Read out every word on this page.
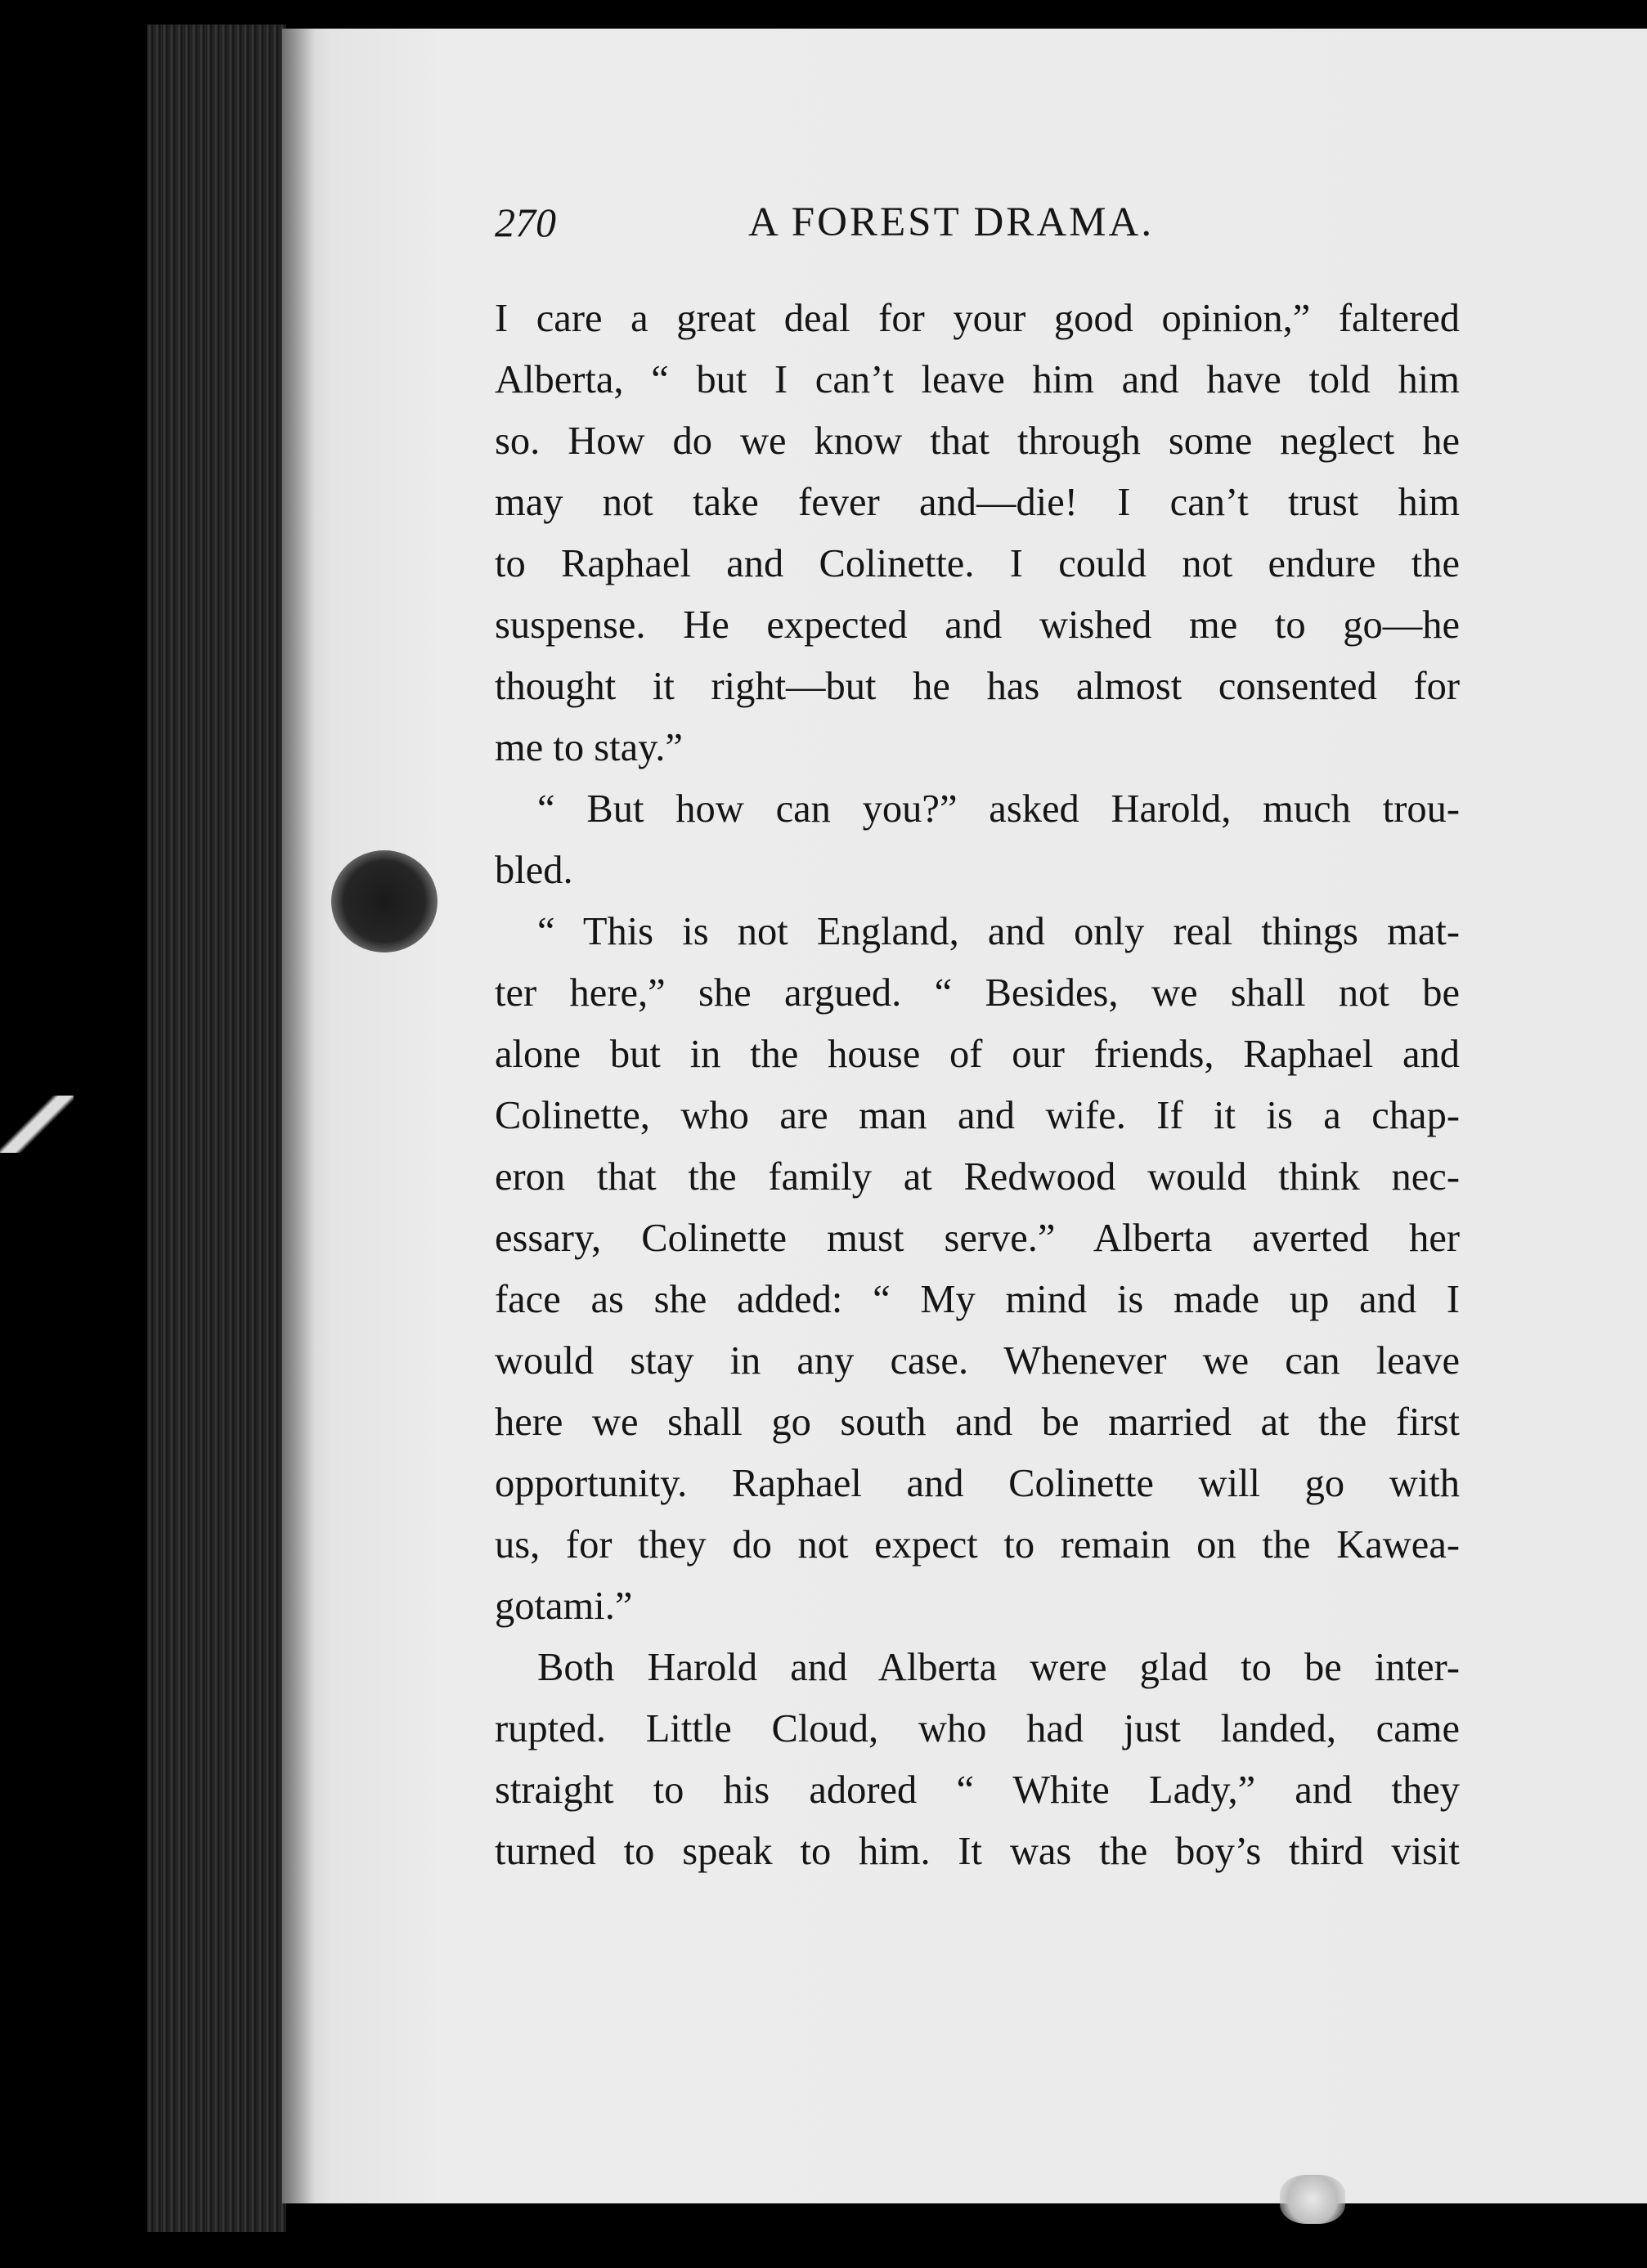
270	A FOREST DRAMA.
I care a great deal for your good opinion,” faltered
Alberta, “ but I can’t leave him and have told him
so. How do we know that through some neglect he
may not take fever and—die! I can’t trust him
to Raphael and Colinette. I could not endure the
suspense. He expected and wished me to go—he
thought it right—but he has almost consented for
me to stay.”
“ But how can you?” asked Harold, much trou-
bled.
“ This is not England, and only real things mat-
ter here,” she argued. “ Besides, we shall not be
alone but in the house of our friends, Raphael and
Colinette, who are man and wife. If it is a chap-
eron that the family at Redwood would think nec-
essary, Colinette must serve.” Alberta averted her
face as she added: “ My mind is made up and I
would stay in any case. Whenever we can leave
here we shall go south and be married at the first
opportunity. Raphael and Colinette will go with
us, for they do not expect to remain on the Kawea-
gotami.”
Both Harold and Alberta were glad to be inter-
rupted. Little Cloud, who had just landed, came
straight to his adored “ White Lady,” and they
turned to speak to him. It was the boy’s third visit
